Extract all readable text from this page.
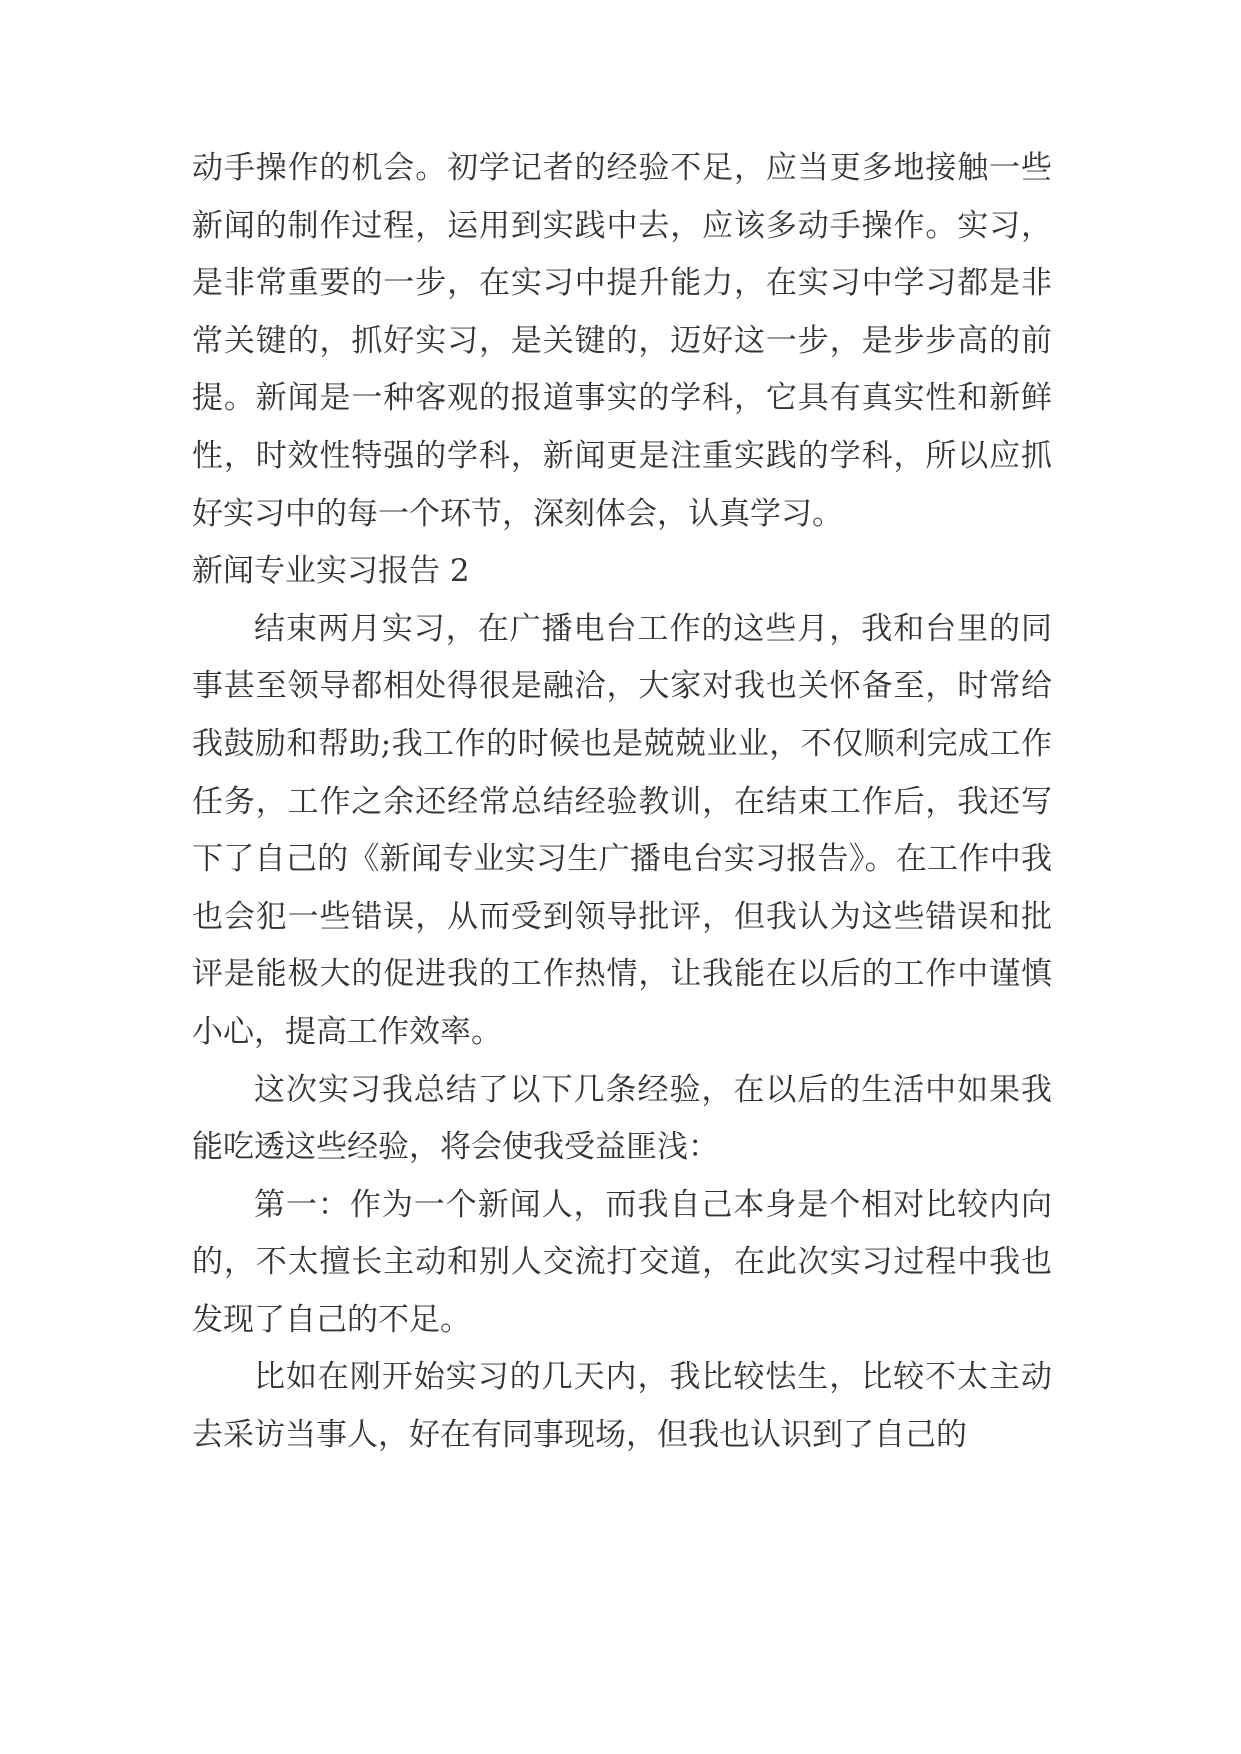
动手操作的机会。初学记者的经验不足，应当更多地接触一些新闻的制作过程，运用到实践中去，应该多动手操作。实习，是非常重要的一步，在实习中提升能力，在实习中学习都是非常关键的，抓好实习，是关键的，迈好这一步，是步步高的前提。新闻是一种客观的报道事实的学科，它具有真实性和新鲜性，时效性特强的学科，新闻更是注重实践的学科，所以应抓好实习中的每一个环节，深刻体会，认真学习。

新闻专业实习报告 2

结束两月实习，在广播电台工作的这些月，我和台里的同事甚至领导都相处得很是融洽，大家对我也关怀备至，时常给我鼓励和帮助;我工作的时候也是兢兢业业，不仅顺利完成工作任务，工作之余还经常总结经验教训，在结束工作后，我还写下了自己的《新闻专业实习生广播电台实习报告》。在工作中我也会犯一些错误，从而受到领导批评，但我认为这些错误和批评是能极大的促进我的工作热情，让我能在以后的工作中谨慎小心，提高工作效率。

这次实习我总结了以下几条经验，在以后的生活中如果我能吃透这些经验，将会使我受益匪浅：

第一：作为一个新闻人，而我自己本身是个相对比较内向的，不太擅长主动和别人交流打交道，在此次实习过程中我也发现了自己的不足。

比如在刚开始实习的几天内，我比较怯生，比较不太主动去采访当事人，好在有同事现场，但我也认识到了自己的
